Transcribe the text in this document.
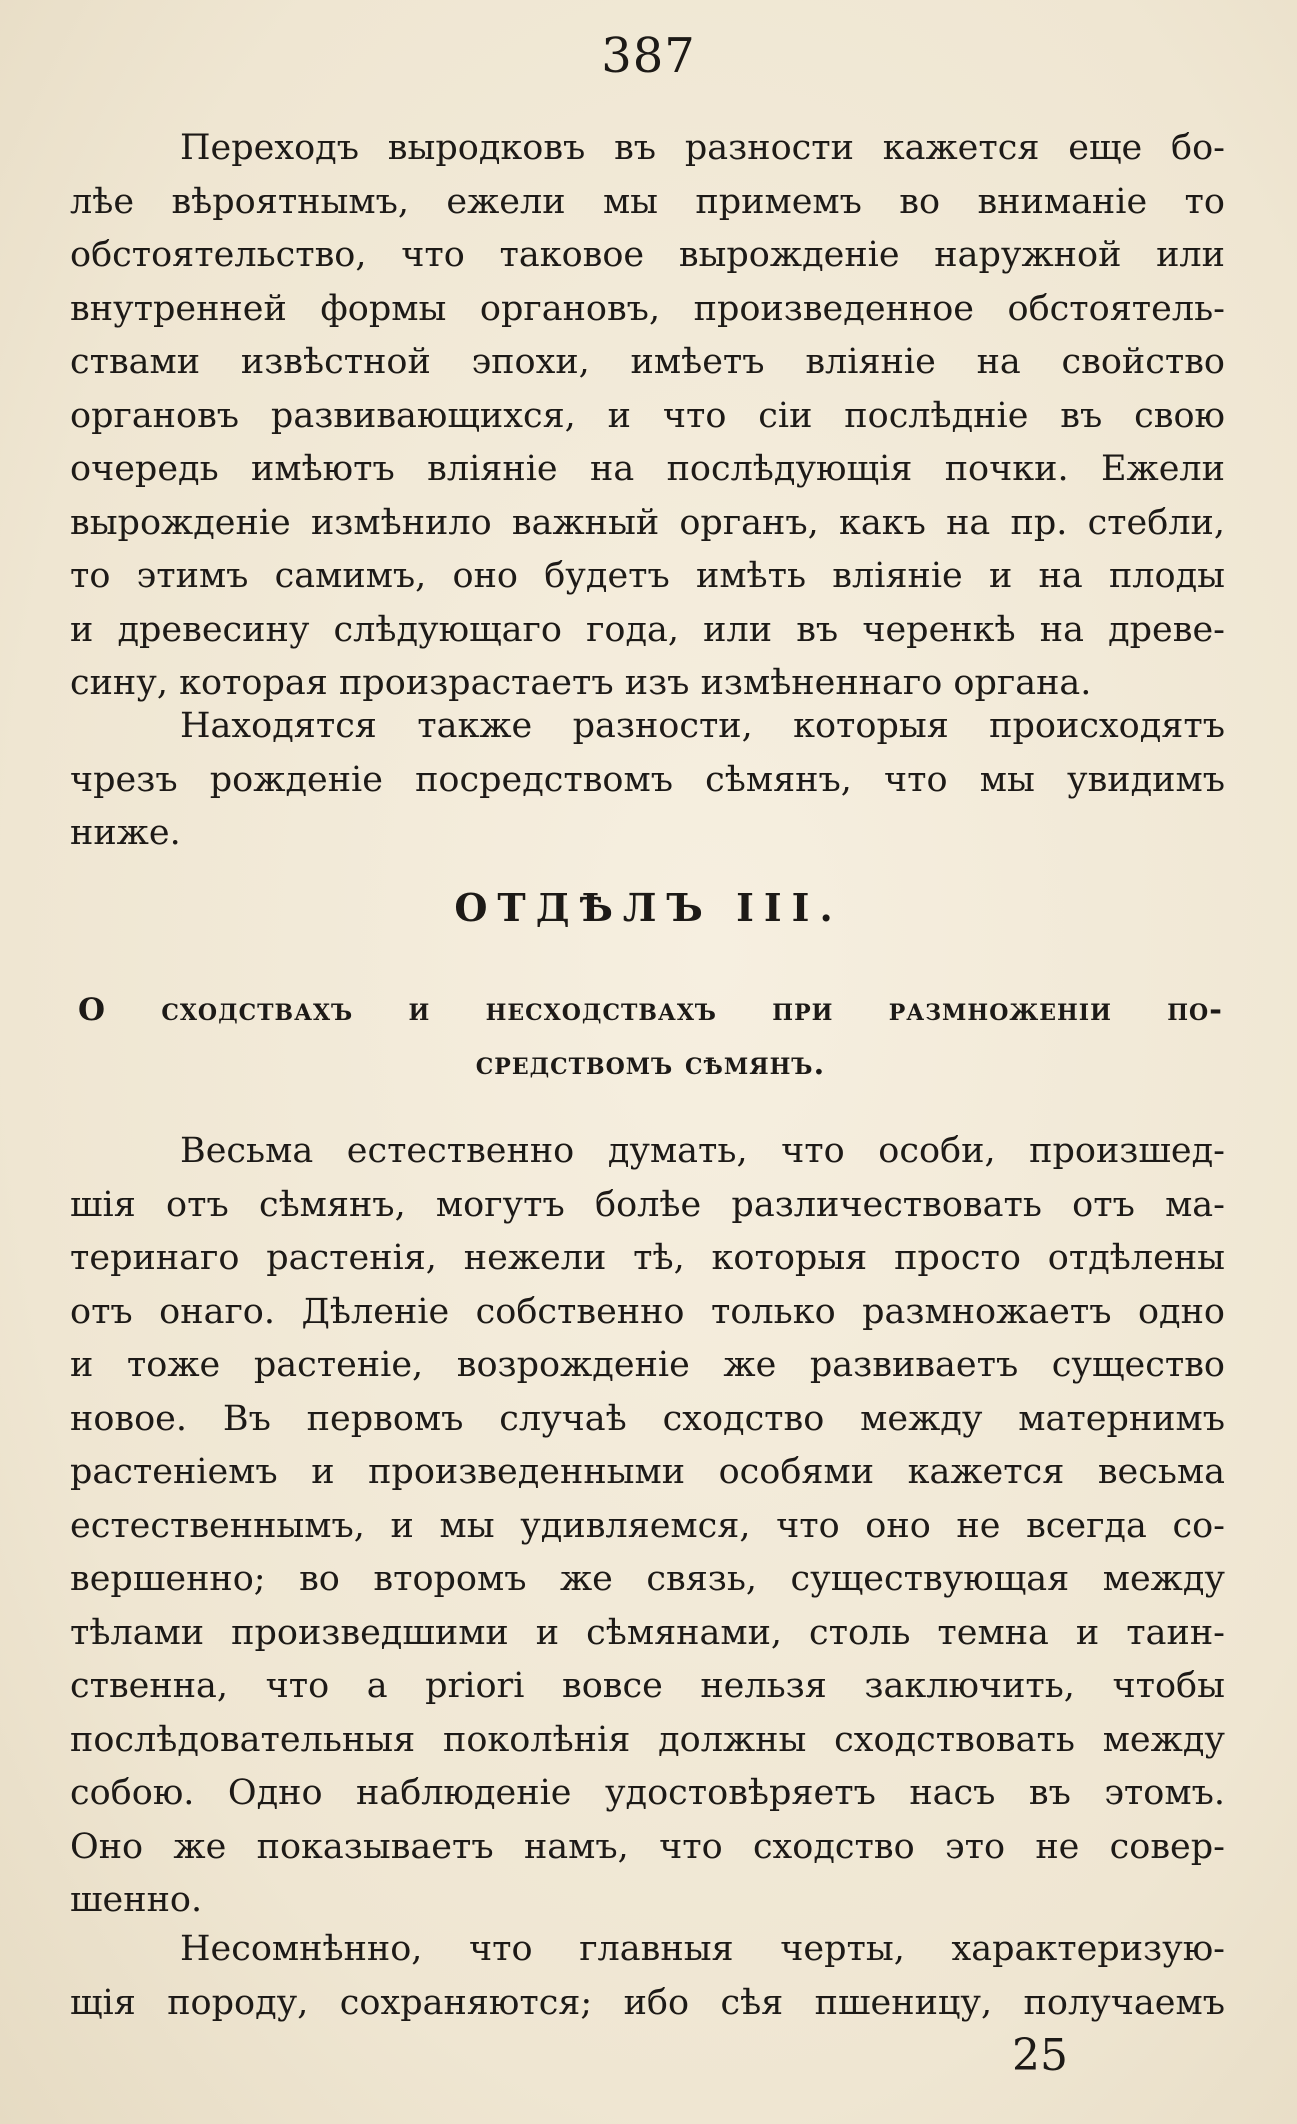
387
Переходъ выродковъ въ разности кажется еще бо-
лѣе вѣроятнымъ, ежели мы примемъ во вниманіе то
обстоятельство, что таковое вырожденіе наружной или
внутренней формы органовъ, произведенное обстоятель-
ствами извѣстной эпохи, имѣетъ вліяніе на свойство
органовъ развивающихся, и что сіи послѣдніе въ свою
очередь имѣютъ вліяніе на послѣдующія почки. Ежели
вырожденіе измѣнило важный органъ, какъ на пр. стебли,
то этимъ самимъ, оно будетъ имѣть вліяніе и на плоды
и древесину слѣдующаго года, или въ черенкѣ на древе-
сину, которая произрастаетъ изъ измѣненнаго органа.
Находятся также разности, которыя происходятъ
чрезъ рожденіе посредствомъ сѣмянъ, что мы увидимъ
ниже.
ОТДѢЛЪ III.
О сходствахъ и несходствахъ при размноженіи по-
средствомъ сѣмянъ.
Весьма естественно думать, что особи, произшед-
шія отъ сѣмянъ, могутъ болѣе различествовать отъ ма-
теринаго растенія, нежели тѣ, которыя просто отдѣлены
отъ онаго. Дѣленіе собственно только размножаетъ одно
и тоже растеніе, возрожденіе же развиваетъ существо
новое. Въ первомъ случаѣ сходство между матернимъ
растеніемъ и произведенными особями кажется весьма
естественнымъ, и мы удивляемся, что оно не всегда со-
вершенно; во второмъ же связь, существующая между
тѣлами произведшими и сѣмянами, столь темна и таин-
ственна, что a priori вовсе нельзя заключить, чтобы
послѣдовательныя поколѣнія должны сходствовать между
собою. Одно наблюденіе удостовѣряетъ насъ въ этомъ.
Оно же показываетъ намъ, что сходство это не совер-
шенно.
Несомнѣнно, что главныя черты, характеризую-
щія породу, сохраняются; ибо сѣя пшеницу, получаемъ
25
